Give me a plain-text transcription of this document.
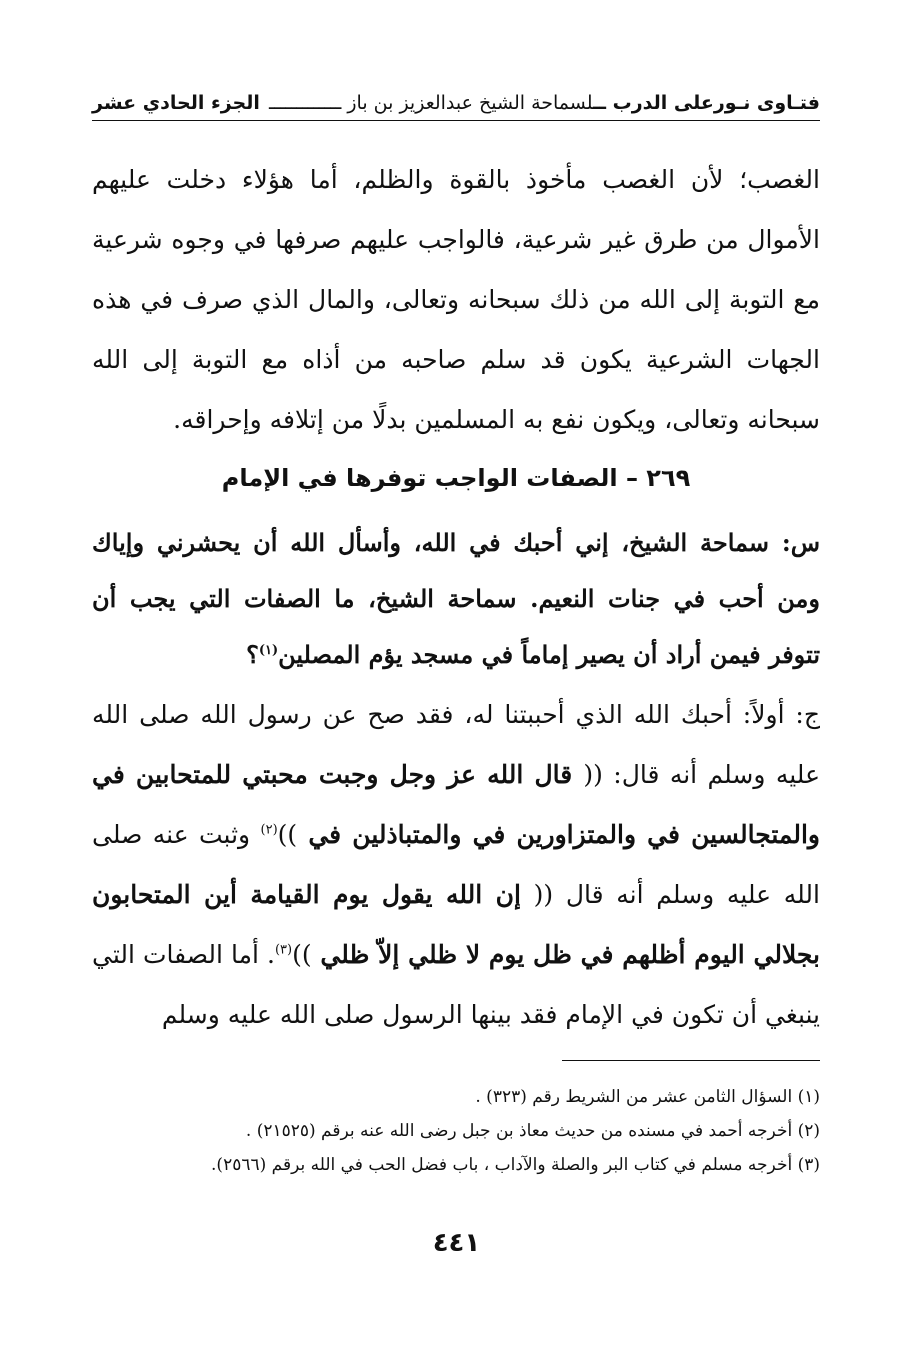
فتـاوى نـورعلى الدرب ــلسماحة الشيخ عبدالعزيز بن باز ـــــــــــــ
الجزء الحادي عشر

الغصب؛ لأن الغصب مأخوذ بالقوة والظلم، أما هؤلاء دخلت عليهم الأموال من طرق غير شرعية، فالواجب عليهم صرفها في وجوه شرعية مع التوبة إلى الله من ذلك سبحانه وتعالى، والمال الذي صرف في هذه الجهات الشرعية يكون قد سلم صاحبه من أذاه مع التوبة إلى الله سبحانه وتعالى، ويكون نفع به المسلمين بدلًا من إتلافه وإحراقه.

٢٦٩ – الصفات الواجب توفرها في الإمام

س: سماحة الشيخ، إني أحبك في الله، وأسأل الله أن يحشرني وإياك ومن أحب في جنات النعيم. سماحة الشيخ، ما الصفات التي يجب أن تتوفر فيمن أراد أن يصير إماماً في مسجد يؤم المصلين$^{(١)}$؟

ج: أولاً: أحبك الله الذي أحببتنا له، فقد صح عن رسول الله صلى الله عليه وسلم أنه قال: (( قال الله عز وجل وجبت محبتي للمتحابين في والمتجالسين في والمتزاورين في والمتباذلين في ))$^{(٢)}$ وثبت عنه صلى الله عليه وسلم أنه قال (( إن الله يقول يوم القيامة أين المتحابون بجلالي اليوم أظلهم في ظل يوم لا ظلي إلاّ ظلي ))$^{(٣)}$. أما الصفات التي ينبغي أن تكون في الإمام فقد بينها الرسول صلى الله عليه وسلم

(١) السؤال الثامن عشر من الشريط رقم (٣٢٣) .
(٢) أخرجه أحمد في مسنده من حديث معاذ بن جبل رضى الله عنه برقم (٢١٥٢٥) .
(٣) أخرجه مسلم في كتاب البر والصلة والآداب ، باب فضل الحب في الله برقم (٢٥٦٦).
٤٤١
